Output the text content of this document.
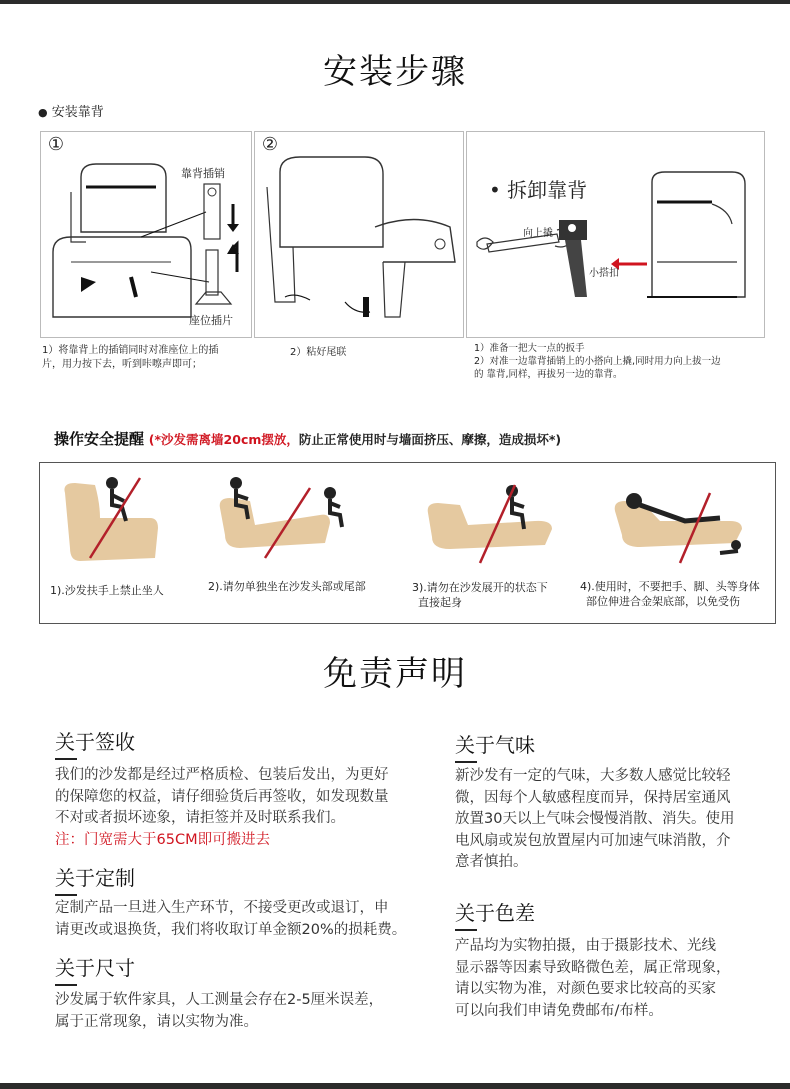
安装步骤
● 安装靠背
①
靠背插销
座位插片
②
• 拆卸靠背
向上撬
小搭扣
1）将靠背上的插销同时对准座位上的插
片，用力按下去，听到咔嚓声即可；
2）粘好尾联	1）准备一把大一点的扳手
2）对准一边靠背插销上的小搭向上撬,同时用力向上拔一边
的 靠背,同样，再拔另一边的靠背。
操作安全提醒 (*沙发需离墙20cm摆放，防止正常使用时与墙面挤压、摩擦，造成损坏*)
1).沙发扶手上禁止坐人	2).请勿单独坐在沙发头部或尾部	3).请勿在沙发展开的状态下
直接起身
4).使用时，不要把手、脚、头等身体
部位伸进合金架底部，以免受伤
免责声明
关于签收
我们的沙发都是经过严格质检、包装后发出，为更好
的保障您的权益，请仔细验货后再签收，如发现数量
不对或者损坏迹象，请拒签并及时联系我们。
注：门宽需大于65CM即可搬进去
关于定制
定制产品一旦进入生产环节，不接受更改或退订，申
请更改或退换货，我们将收取订单金额20%的损耗费。
关于尺寸
沙发属于软件家具，人工测量会存在2-5厘米误差，
属于正常现象，请以实物为准。
关于气味
新沙发有一定的气味，大多数人感觉比较轻
微，因每个人敏感程度而异，保持居室通风
放置30天以上气味会慢慢消散、消失。使用
电风扇或炭包放置屋内可加速气味消散，介
意者慎拍。
关于色差
产品均为实物拍摄，由于摄影技术、光线
显示器等因素导致略微色差，属正常现象，
请以实物为准，对颜色要求比较高的买家
可以向我们申请免费邮布/布样。
